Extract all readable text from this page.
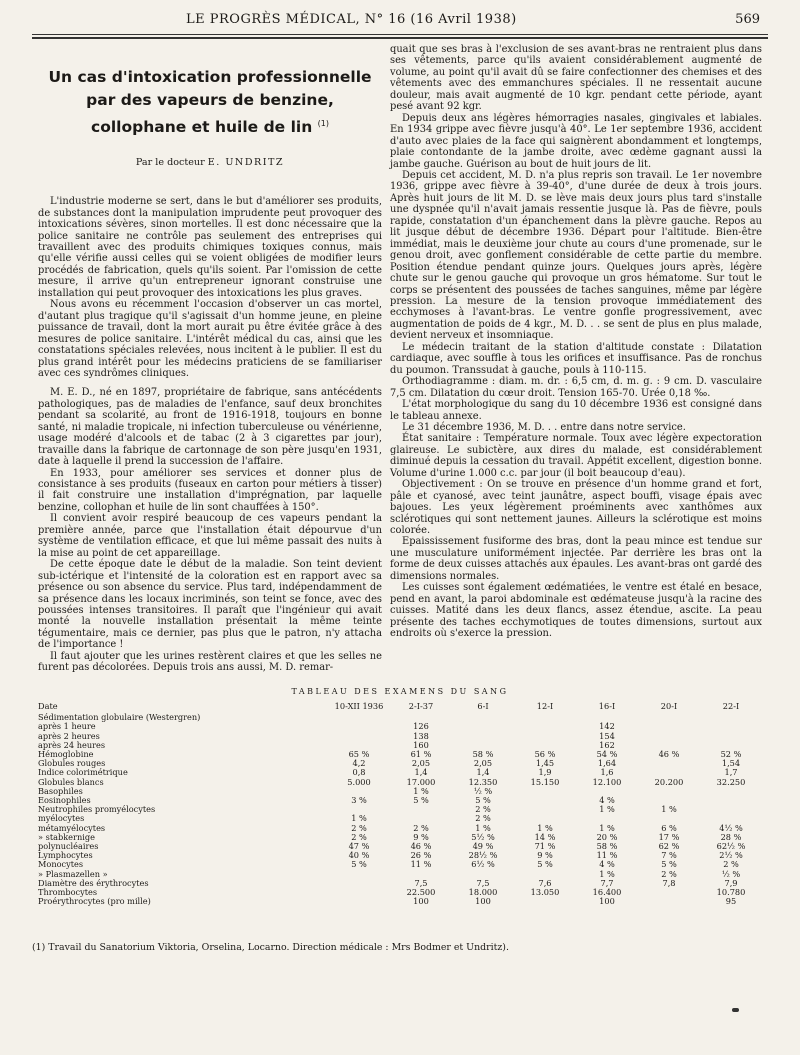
LE PROGRÈS MÉDICAL, N° 16 (16 Avril 1938)	569
Un cas d'intoxication professionnelle
par des vapeurs de benzine,
collophane et huile de lin $^{(1)}$
Par le docteur E. UNDRITZ

L'industrie moderne se sert, dans le but d'améliorer ses produits, de substances dont la manipulation imprudente peut provoquer des intoxications sévères, sinon mortelles. Il est donc nécessaire que la police sanitaire ne contrôle pas seulement des entreprises qui travaillent avec des produits chimiques toxiques connus, mais qu'elle vérifie aussi celles qui se voient obligées de modifier leurs procédés de fabrication, quels qu'ils soient. Par l'omission de cette mesure, il arrive qu'un entrepreneur ignorant construise une installation qui peut provoquer des intoxications les plus graves.

Nous avons eu récemment l'occasion d'observer un cas mortel, d'autant plus tragique qu'il s'agissait d'un homme jeune, en pleine puissance de travail, dont la mort aurait pu être évitée grâce à des mesures de police sanitaire. L'intérêt médical du cas, ainsi que les constatations spéciales relevées, nous incitent à le publier. Il est du plus grand intérêt pour les médecins praticiens de se familiariser avec ces syndrômes cliniques.

M. E. D., né en 1897, propriétaire de fabrique, sans antécédents pathologiques, pas de maladies de l'enfance, sauf deux bronchites pendant sa scolarité, au front de 1916-1918, toujours en bonne santé, ni maladie tropicale, ni infection tuberculeuse ou vénérienne, usage modéré d'alcools et de tabac (2 à 3 cigarettes par jour), travaille dans la fabrique de cartonnage de son père jusqu'en 1931, date à laquelle il prend la succession de l'affaire.

En 1933, pour améliorer ses services et donner plus de consistance à ses produits (fuseaux en carton pour métiers à tisser) il fait construire une installation d'imprégnation, par laquelle benzine, collophan et huile de lin sont chauffées à 150°.

Il convient avoir respiré beaucoup de ces vapeurs pendant la première année, parce que l'installation était dépourvue d'un système de ventilation efficace, et que lui même passait des nuits à la mise au point de cet appareillage.

De cette époque date le début de la maladie. Son teint devient sub-ictérique et l'intensité de la coloration est en rapport avec sa présence ou son absence du service. Plus tard, indépendamment de sa présence dans les locaux incriminés, son teint se fonce, avec des poussées intenses transitoires. Il paraît que l'ingénieur qui avait monté la nouvelle installation présentait la même teinte tégumentaire, mais ce dernier, pas plus que le patron, n'y attacha de l'importance !

Il faut ajouter que les urines restèrent claires et que les selles ne furent pas décolorées. Depuis trois ans aussi, M. D. remar-

quait que ses bras à l'exclusion de ses avant-bras ne rentraient plus dans ses vêtements, parce qu'ils avaient considérablement augmenté de volume, au point qu'il avait dû se faire confectionner des chemises et des vêtements avec des emmanchures spéciales. Il ne ressentait aucune douleur, mais avait augmenté de 10 kgr. pendant cette période, ayant pesé avant 92 kgr.

Depuis deux ans légères hémorragies nasales, gingivales et labiales. En 1934 grippe avec fièvre jusqu'à 40°. Le 1er septembre 1936, accident d'auto avec plaies de la face qui saignèrent abondamment et longtemps, plaie contondante de la jambe droite, avec œdème gagnant aussi la jambe gauche. Guérison au bout de huit jours de lit.

Depuis cet accident, M. D. n'a plus repris son travail. Le 1er novembre 1936, grippe avec fièvre à 39-40°, d'une durée de deux à trois jours. Après huit jours de lit M. D. se lève mais deux jours plus tard s'installe une dyspnée qu'il n'avait jamais ressentie jusque là. Pas de fièvre, pouls rapide, constatation d'un épanchement dans la plèvre gauche. Repos au lit jusque début de décembre 1936. Départ pour l'altitude. Bien-être immédiat, mais le deuxième jour chute au cours d'une promenade, sur le genou droit, avec gonflement considérable de cette partie du membre. Position étendue pendant quinze jours. Quelques jours après, légère chute sur le genou gauche qui provoque un gros hématome. Sur tout le corps se présentent des poussées de taches sanguines, même par légère pression. La mesure de la tension provoque immédiatement des ecchymoses à l'avant-bras. Le ventre gonfle progressivement, avec augmentation de poids de 4 kgr., M. D. . . se sent de plus en plus malade, devient nerveux et insomniaque.

Le médecin traitant de la station d'altitude constate : Dilatation cardiaque, avec souffle à tous les orifices et insuffisance. Pas de ronchus du poumon. Transsudat à gauche, pouls à 110-115.

Orthodiagramme : diam. m. dr. : 6,5 cm, d. m. g. : 9 cm. D. vasculaire 7,5 cm. Dilatation du cœur droit. Tension 165-70. Urée 0,18 ‰.

L'état morphologique du sang du 10 décembre 1936 est consigné dans le tableau annexe.

Le 31 décembre 1936, M. D. . . entre dans notre service.

État sanitaire : Température normale. Toux avec légère expectoration glaireuse. Le subictère, aux dires du malade, est considérablement diminué depuis la cessation du travail. Appétit excellent, digestion bonne. Volume d'urine 1.000 c.c. par jour (il boit beaucoup d'eau).

Objectivement : On se trouve en présence d'un homme grand et fort, pâle et cyanosé, avec teint jaunâtre, aspect bouffi, visage épais avec bajoues. Les yeux légèrement proéminents avec xanthômes aux sclérotiques qui sont nettement jaunes. Ailleurs la sclérotique est moins colorée.

Epaississement fusiforme des bras, dont la peau mince est tendue sur une musculature uniformément injectée. Par derrière les bras ont la forme de deux cuisses attachés aux épaules. Les avant-bras ont gardé des dimensions normales.

Les cuisses sont également œdématiées, le ventre est étalé en besace, pend en avant, la paroi abdominale est œdémateuse jusqu'à la racine des cuisses. Matité dans les deux flancs, assez étendue, ascite. La peau présente des taches ecchymotiques de toutes dimensions, surtout aux endroits où s'exerce la pression.

TABLEAU DES EXAMENS DU SANG
Date	10-XII 1936	2-I-37	6-I	12-I	16-I	20-I	22-I
Sédimentation globulaire (Westergren)							
après 1 heure		126			142		
après 2 heures		138			154		
après 24 heures		160			162		
Hémoglobine	65 %	61 %	58 %	56 %	54 %	46 %	52 %
Globules rouges	4,2	2,05	2,05	1,45	1,64		1,54
Indice colorimétrique	0,8	1,4	1,4	1,9	1,6		1,7
Globules blancs	5.000	17.000	12.350	15.150	12.100	20.200	32.250
Basophiles		1 %	½ %				
Eosinophiles	3 %	5 %	5 %		4 %		
Neutrophiles promyélocytes			2 %		1 %	1 %	
myélocytes	1 %		2 %				
métamyélocytes	2 %	2 %	1 %	1 %	1 %	6 %	4½ %
» stabkernige	2 %	9 %	5½ %	14 %	20 %	17 %	28 %
polynucléaires	47 %	46 %	49 %	71 %	58 %	62 %	62½ %
Lymphocytes	40 %	26 %	28½ %	9 %	11 %	7 %	2½ %
Monocytes	5 %	11 %	6½ %	5 %	4 %	5 %	2 %
» Plasmazellen »					1 %	2 %	½ %
Diamètre des érythrocytes		7,5	7,5	7,6	7,7	7,8	7,9
Thrombocytes		22.500	18.000	13.050	16.400		10.780
Proérythrocytes (pro mille)		100	100		100		95
(1) Travail du Sanatorium Viktoria, Orselina, Locarno. Direction médicale : Mrs Bodmer et Undritz).
